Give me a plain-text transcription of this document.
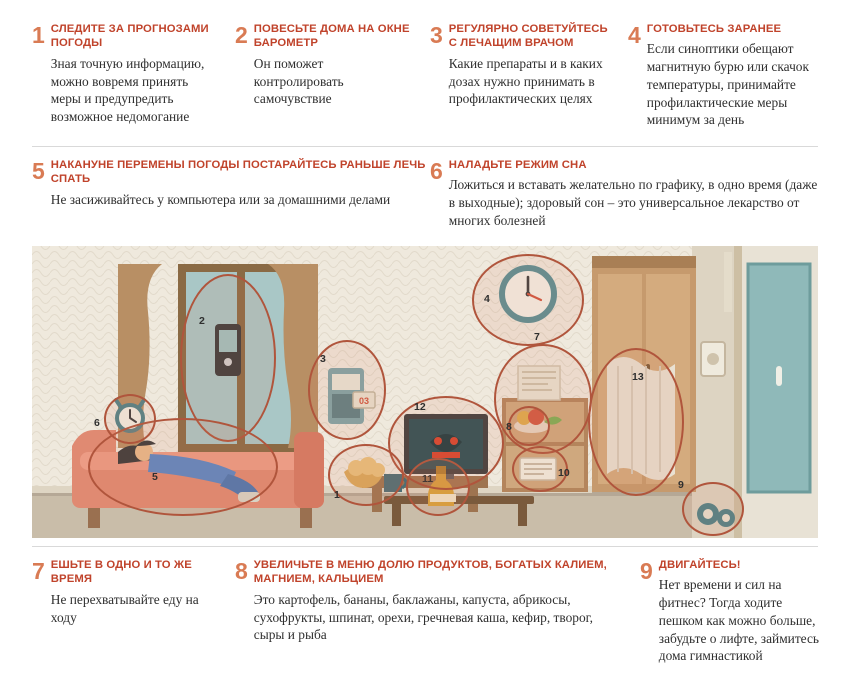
1 СЛЕДИТЕ ЗА ПРОГНОЗАМИ ПОГОДЫ

Зная точную информацию, можно вовремя принять меры и предупредить возможное недомогание

2 ПОВЕСЬТЕ ДОМА НА ОКНЕ БАРОМЕТР

Он поможет контролировать самочувствие

3 РЕГУЛЯРНО СОВЕТУЙТЕСЬ С ЛЕЧАЩИМ ВРАЧОМ

Какие препараты и в каких дозах нужно принимать в профилактических целях

4 ГОТОВЬТЕСЬ ЗАРАНЕЕ

Если синоптики обещают магнитную бурю или скачок температуры, принимайте профилактические меры минимум за день

5 НАКАНУНЕ ПЕРЕМЕНЫ ПОГОДЫ ПОСТАРАЙТЕСЬ РАНЬШЕ ЛЕЧЬ СПАТЬ

Не засиживайтесь у компьютера или за домашними делами

6 НАЛАДЬТЕ РЕЖИМ СНА

Ложиться и вставать желательно по графику, в одно время (даже в выходные); здоровый сон – это универсальное лекарство от многих болезней

03
2
3
4
5
6
7
8
9
10
11
12
13
1
7 ЕШЬТЕ В ОДНО И ТО ЖЕ ВРЕМЯ

Не перехватывайте еду на ходу

8 УВЕЛИЧЬТЕ В МЕНЮ ДОЛЮ ПРОДУКТОВ, БОГАТЫХ КАЛИЕМ, МАГНИЕМ, КАЛЬЦИЕМ

Это картофель, бананы, баклажаны, капуста, абрикосы, сухофрукты, шпинат, орехи, гречневая каша, кефир, творог, сыры и рыба

9 ДВИГАЙТЕСЬ!

Нет времени и сил на фитнес? Тогда ходите пешком как можно больше, забудьте о лифте, займитесь дома гимнастикой
